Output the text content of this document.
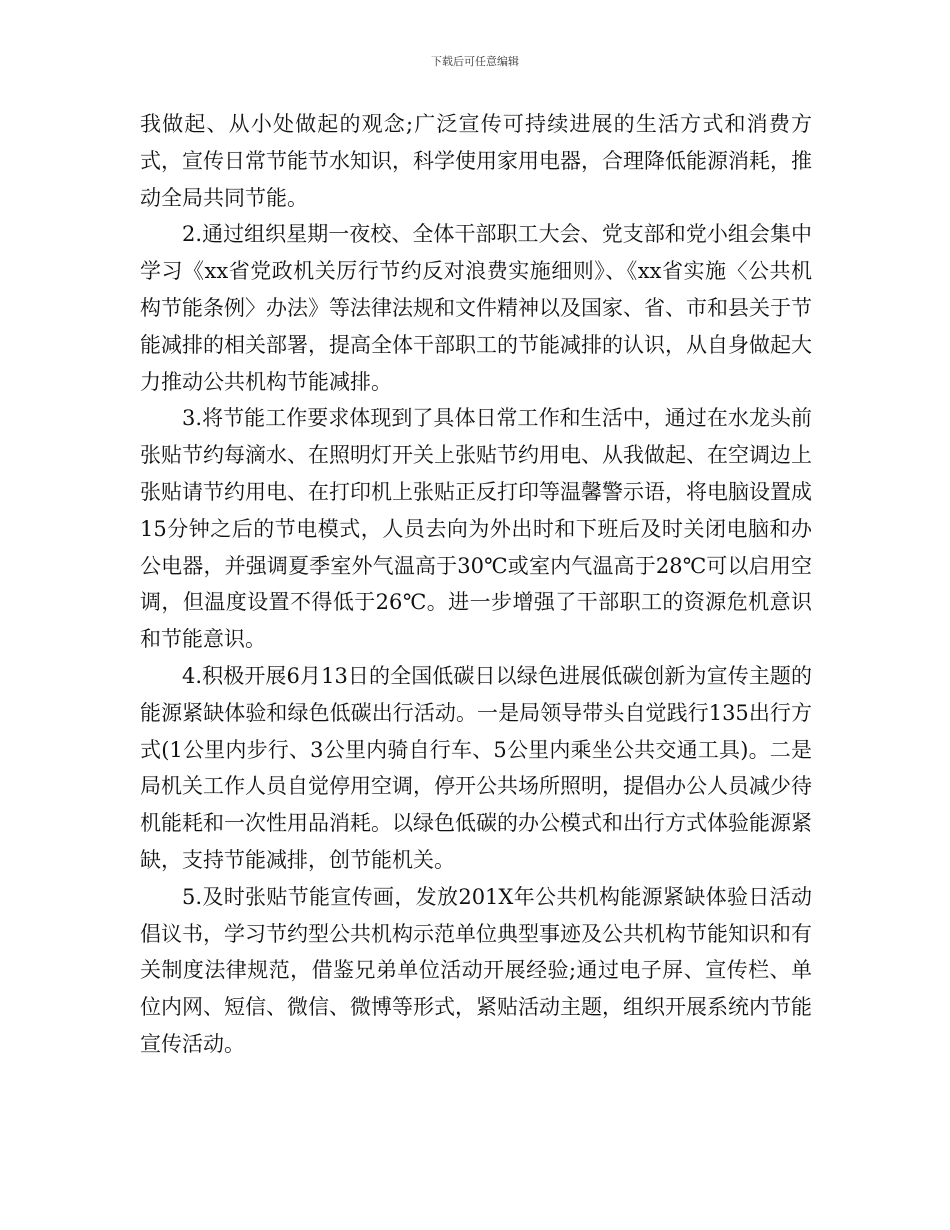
下载后可任意编辑

我做起、从小处做起的观念;广泛宣传可持续进展的生活方式和消费方式，宣传日常节能节水知识，科学使用家用电器，合理降低能源消耗，推动全局共同节能。

2.通过组织星期一夜校、全体干部职工大会、党支部和党小组会集中学习《xx省党政机关厉行节约反对浪费实施细则》、《xx省实施〈公共机构节能条例〉办法》等法律法规和文件精神以及国家、省、市和县关于节能减排的相关部署，提高全体干部职工的节能减排的认识，从自身做起大力推动公共机构节能减排。

3.将节能工作要求体现到了具体日常工作和生活中，通过在水龙头前张贴节约每滴水、在照明灯开关上张贴节约用电、从我做起、在空调边上张贴请节约用电、在打印机上张贴正反打印等温馨警示语，将电脑设置成15分钟之后的节电模式，人员去向为外出时和下班后及时关闭电脑和办公电器，并强调夏季室外气温高于30℃或室内气温高于28℃可以启用空调，但温度设置不得低于26℃。进一步增强了干部职工的资源危机意识和节能意识。

4.积极开展6月13日的全国低碳日以绿色进展低碳创新为宣传主题的能源紧缺体验和绿色低碳出行活动。一是局领导带头自觉践行135出行方式(1公里内步行、3公里内骑自行车、5公里内乘坐公共交通工具)。二是局机关工作人员自觉停用空调，停开公共场所照明，提倡办公人员减少待机能耗和一次性用品消耗。以绿色低碳的办公模式和出行方式体验能源紧缺，支持节能减排，创节能机关。

5.及时张贴节能宣传画，发放201X年公共机构能源紧缺体验日活动倡议书，学习节约型公共机构示范单位典型事迹及公共机构节能知识和有关制度法律规范，借鉴兄弟单位活动开展经验;通过电子屏、宣传栏、单位内网、短信、微信、微博等形式，紧贴活动主题，组织开展系统内节能宣传活动。
